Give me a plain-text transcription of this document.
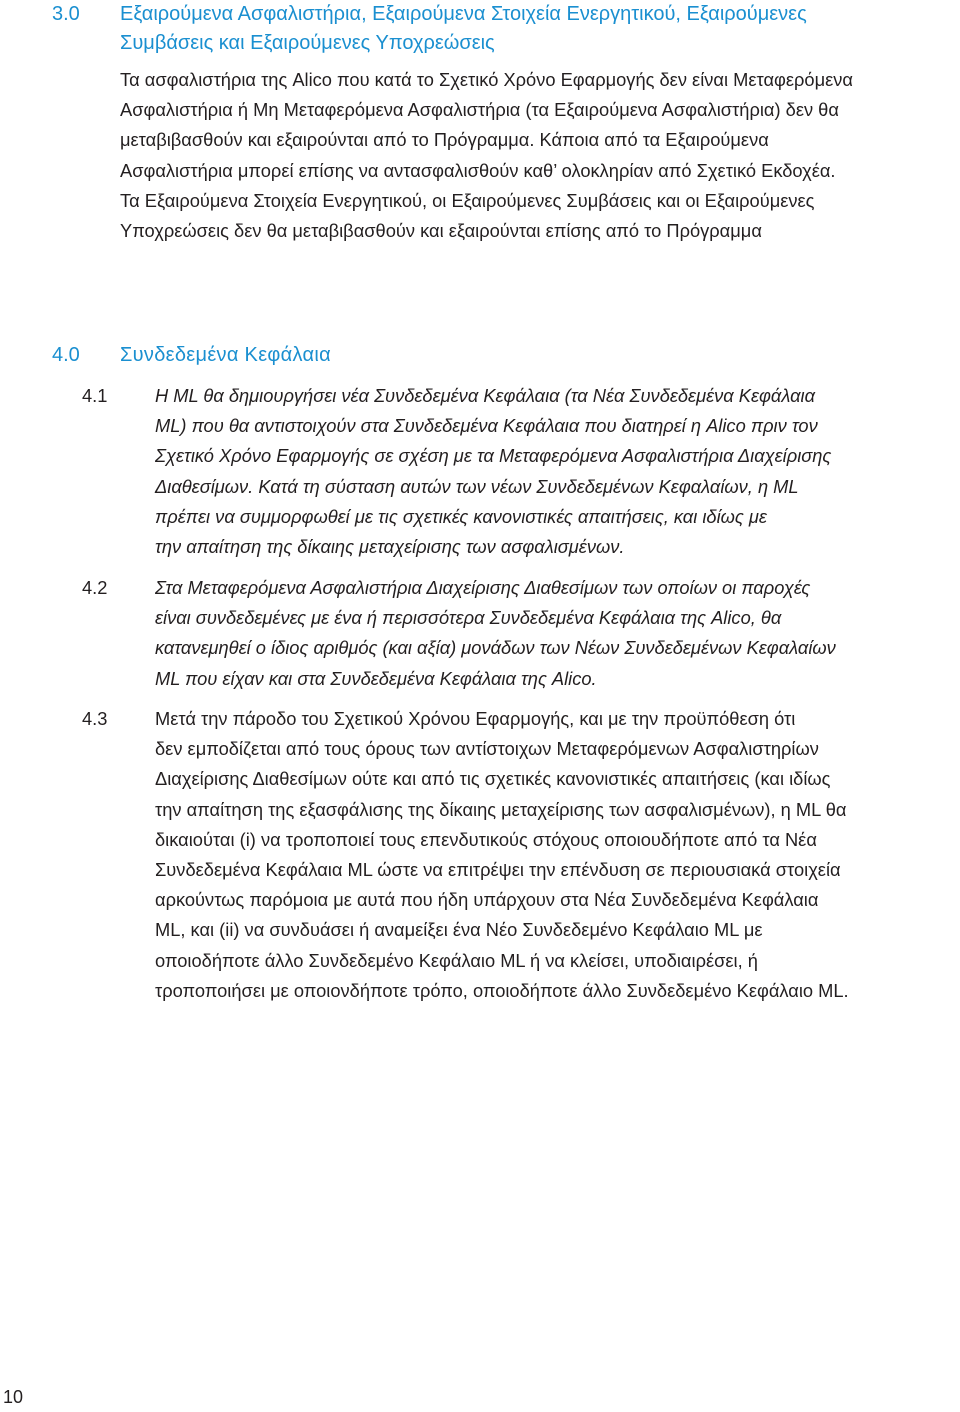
3.0 Εξαιρούμενα Ασφαλιστήρια, Εξαιρούμενα Στοιχεία Ενεργητικού, Εξαιρούμενες
Συμβάσεις και Εξαιρούμενες Υποχρεώσεις

Τα ασφαλιστήρια της Alico που κατά το Σχετικό Χρόνο Εφαρμογής δεν είναι Μεταφερόμενα
Ασφαλιστήρια ή Μη Μεταφερόμενα Ασφαλιστήρια (τα Εξαιρούμενα Ασφαλιστήρια) δεν θα
μεταβιβασθούν και εξαιρούνται από το Πρόγραμμα. Κάποια από τα Εξαιρούμενα
Ασφαλιστήρια μπορεί επίσης να αντασφαλισθούν καθ’ ολοκληρίαν από Σχετικό Εκδοχέα.
Τα Εξαιρούμενα Στοιχεία Ενεργητικού, οι Εξαιρούμενες Συμβάσεις και οι Εξαιρούμενες
Υποχρεώσεις δεν θα μεταβιβασθούν και εξαιρούνται επίσης από το Πρόγραμμα

4.0 Συνδεδεμένα Κεφάλαια
4.1	Η ML θα δημιουργήσει νέα Συνδεδεμένα Κεφάλαια (τα Νέα Συνδεδεμένα Κεφάλαια
ML) που θα αντιστοιχούν στα Συνδεδεμένα Κεφάλαια που διατηρεί η Alico πριν τον
Σχετικό Χρόνο Εφαρμογής σε σχέση με τα Μεταφερόμενα Ασφαλιστήρια Διαχείρισης
Διαθεσίμων. Κατά τη σύσταση αυτών των νέων Συνδεδεμένων Κεφαλαίων, η ML
πρέπει να συμμορφωθεί με τις σχετικές κανονιστικές απαιτήσεις, και ιδίως με
την απαίτηση της δίκαιης μεταχείρισης των ασφαλισμένων.

4.2	Στα Μεταφερόμενα Ασφαλιστήρια Διαχείρισης Διαθεσίμων των οποίων οι παροχές
είναι συνδεδεμένες με ένα ή περισσότερα Συνδεδεμένα Κεφάλαια της Alico, θα
κατανεμηθεί ο ίδιος αριθμός (και αξία) μονάδων των Νέων Συνδεδεμένων Κεφαλαίων
ML που είχαν και στα Συνδεδεμένα Κεφάλαια της Alico.

4.3	Μετά την πάροδο του Σχετικού Χρόνου Εφαρμογής, και με την προϋπόθεση ότι
δεν εμποδίζεται από τους όρους των αντίστοιχων Μεταφερόμενων Ασφαλιστηρίων
Διαχείρισης Διαθεσίμων ούτε και από τις σχετικές κανονιστικές απαιτήσεις (και ιδίως
την απαίτηση της εξασφάλισης της δίκαιης μεταχείρισης των ασφαλισμένων), η ML θα
δικαιούται (i) να τροποποιεί τους επενδυτικούς στόχους οποιουδήποτε από τα Νέα
Συνδεδεμένα Κεφάλαια ML ώστε να επιτρέψει την επένδυση σε περιουσιακά στοιχεία
αρκούντως παρόμοια με αυτά που ήδη υπάρχουν στα Νέα Συνδεδεμένα Κεφάλαια
ML, και (ii) να συνδυάσει ή αναμείξει ένα Νέο Συνδεδεμένο Κεφάλαιο ML με
οποιοδήποτε άλλο Συνδεδεμένο Κεφάλαιο ML ή να κλείσει, υποδιαιρέσει, ή
τροποποιήσει με οποιονδήποτε τρόπο, οποιοδήποτε άλλο Συνδεδεμένο Κεφάλαιο ML.

10
